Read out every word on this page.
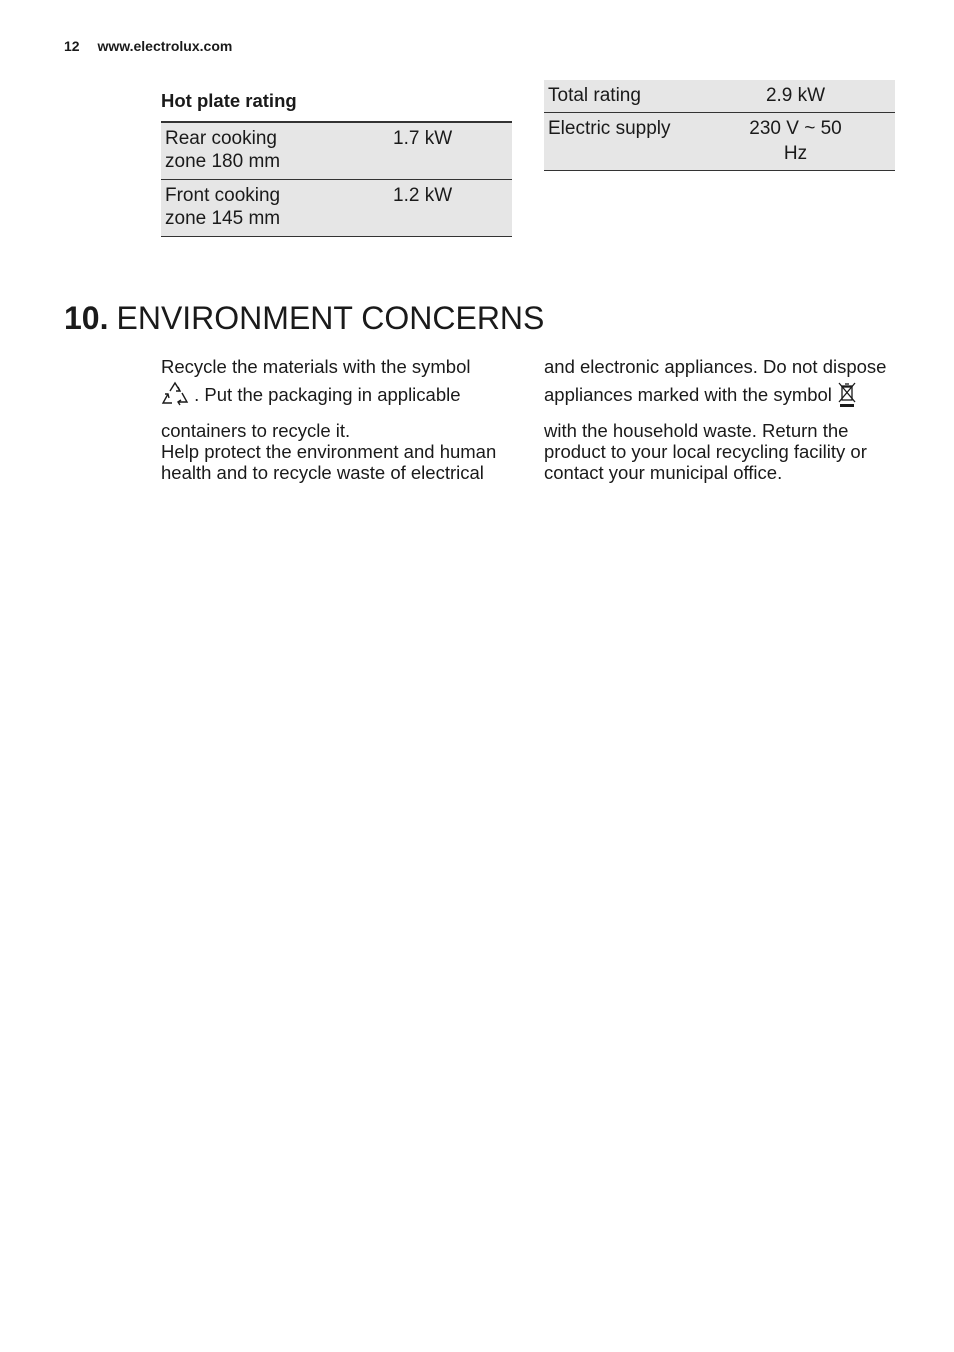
12 www.electrolux.com
Hot plate rating
Rear cooking
zone 180 mm	1.7 kW
Front cooking
zone 145 mm	1.2 kW
Total rating	2.9 kW
Electric supply	230 V ~ 50 Hz
10. ENVIRONMENT CONCERNS

Recycle the materials with the symbol

. Put the packaging in applicable

containers to recycle it.

Help protect the environment and human

health and to recycle waste of electrical

and electronic appliances. Do not dispose

appliances marked with the symbol

with the household waste. Return the

product to your local recycling facility or

contact your municipal office.
